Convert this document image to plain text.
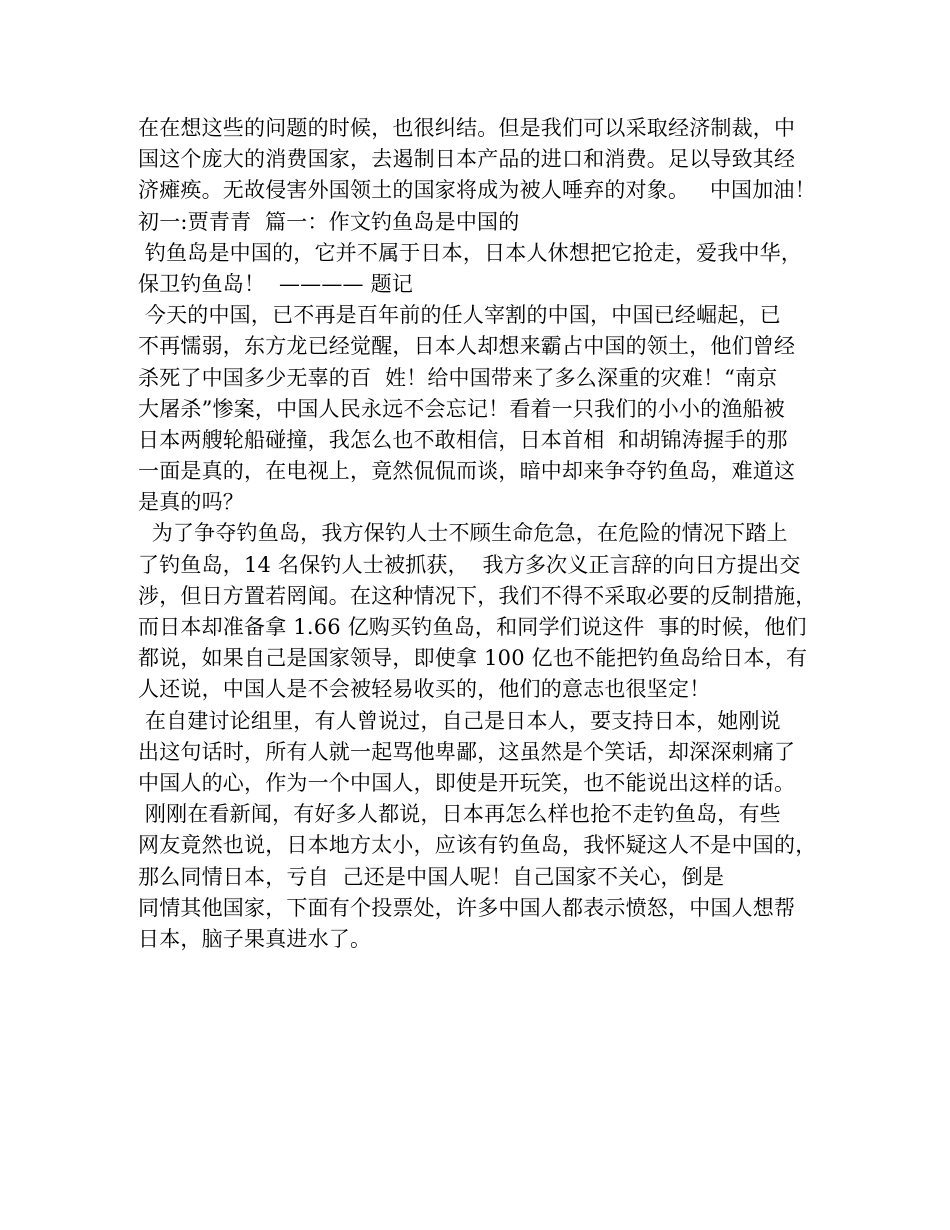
在在想这些的问题的时候，也很纠结。但是我们可以采取经济制裁，中
国这个庞大的消费国家，去遏制日本产品的进口和消费。足以导致其经
济瘫痪。无故侵害外国领土的国家将成为被人唾弃的对象。   中国加油！
初一:贾青青  篇一：作文钓鱼岛是中国的
钓鱼岛是中国的，它并不属于日本，日本人休想把它抢走，爱我中华，
保卫钓鱼岛！  ———— 题记
今天的中国，已不再是百年前的任人宰割的中国，中国已经崛起，已
不再懦弱，东方龙已经觉醒，日本人却想来霸占中国的领土，他们曾经
杀死了中国多少无辜的百  姓！给中国带来了多么深重的灾难！“南京
大屠杀”惨案，中国人民永远不会忘记！看着一只我们的小小的渔船被
日本两艘轮船碰撞，我怎么也不敢相信，日本首相  和胡锦涛握手的那
一面是真的，在电视上，竟然侃侃而谈，暗中却来争夺钓鱼岛，难道这
是真的吗？
为了争夺钓鱼岛，我方保钓人士不顾生命危急，在危险的情况下踏上
了钓鱼岛，14 名保钓人士被抓获，  我方多次义正言辞的向日方提出交
涉，但日方置若罔闻。在这种情况下，我们不得不采取必要的反制措施，
而日本却准备拿 1.66 亿购买钓鱼岛，和同学们说这件  事的时候，他们
都说，如果自己是国家领导，即使拿 100 亿也不能把钓鱼岛给日本，有
人还说，中国人是不会被轻易收买的，他们的意志也很坚定！
在自建讨论组里，有人曾说过，自己是日本人，要支持日本，她刚说
出这句话时，所有人就一起骂他卑鄙，这虽然是个笑话，却深深刺痛了
中国人的心，作为一个中国人，即使是开玩笑，也不能说出这样的话。
刚刚在看新闻，有好多人都说，日本再怎么样也抢不走钓鱼岛，有些
网友竟然也说，日本地方太小，应该有钓鱼岛，我怀疑这人不是中国的，
那么同情日本，亏自  己还是中国人呢！自己国家不关心，倒是
同情其他国家，下面有个投票处，许多中国人都表示愤怒，中国人想帮
日本，脑子果真进水了。
